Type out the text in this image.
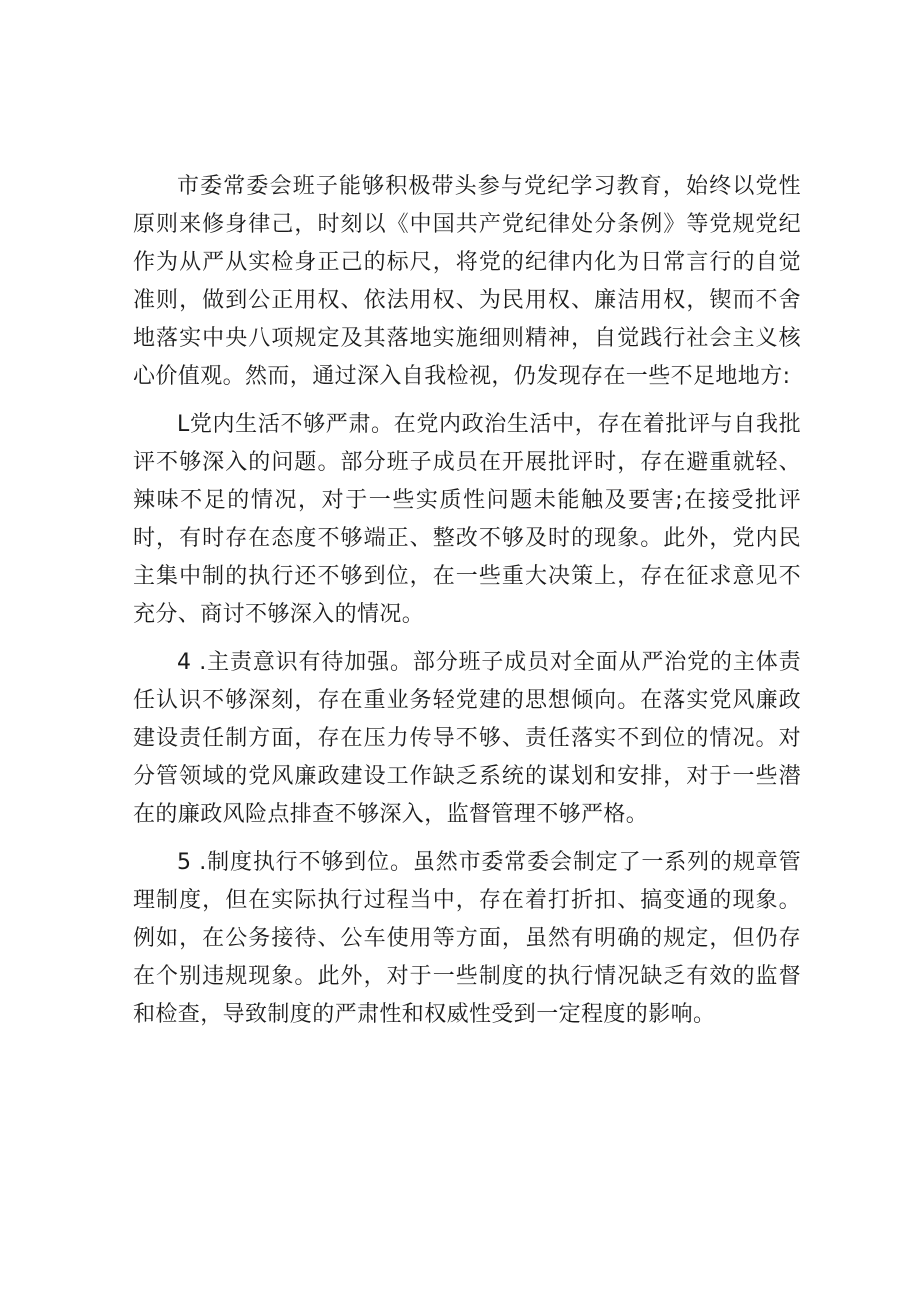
市委常委会班子能够积极带头参与党纪学习教育，始终以党性原则来修身律己，时刻以《中国共产党纪律处分条例》等党规党纪作为从严从实检身正己的标尺，将党的纪律内化为日常言行的自觉准则，做到公正用权、依法用权、为民用权、廉洁用权，锲而不舍地落实中央八项规定及其落地实施细则精神，自觉践行社会主义核心价值观。然而，通过深入自我检视，仍发现存在一些不足地地方:

L党内生活不够严肃。在党内政治生活中，存在着批评与自我批评不够深入的问题。部分班子成员在开展批评时，存在避重就轻、辣味不足的情况，对于一些实质性问题未能触及要害;在接受批评时，有时存在态度不够端正、整改不够及时的现象。此外，党内民主集中制的执行还不够到位，在一些重大决策上，存在征求意见不充分、商讨不够深入的情况。

4 .主责意识有待加强。部分班子成员对全面从严治党的主体责任认识不够深刻，存在重业务轻党建的思想倾向。在落实党风廉政建设责任制方面，存在压力传导不够、责任落实不到位的情况。对分管领域的党风廉政建设工作缺乏系统的谋划和安排，对于一些潜在的廉政风险点排查不够深入，监督管理不够严格。

5 .制度执行不够到位。虽然市委常委会制定了一系列的规章管理制度，但在实际执行过程当中，存在着打折扣、搞变通的现象。例如，在公务接待、公车使用等方面，虽然有明确的规定，但仍存在个别违规现象。此外，对于一些制度的执行情况缺乏有效的监督和检查，导致制度的严肃性和权威性受到一定程度的影响。
